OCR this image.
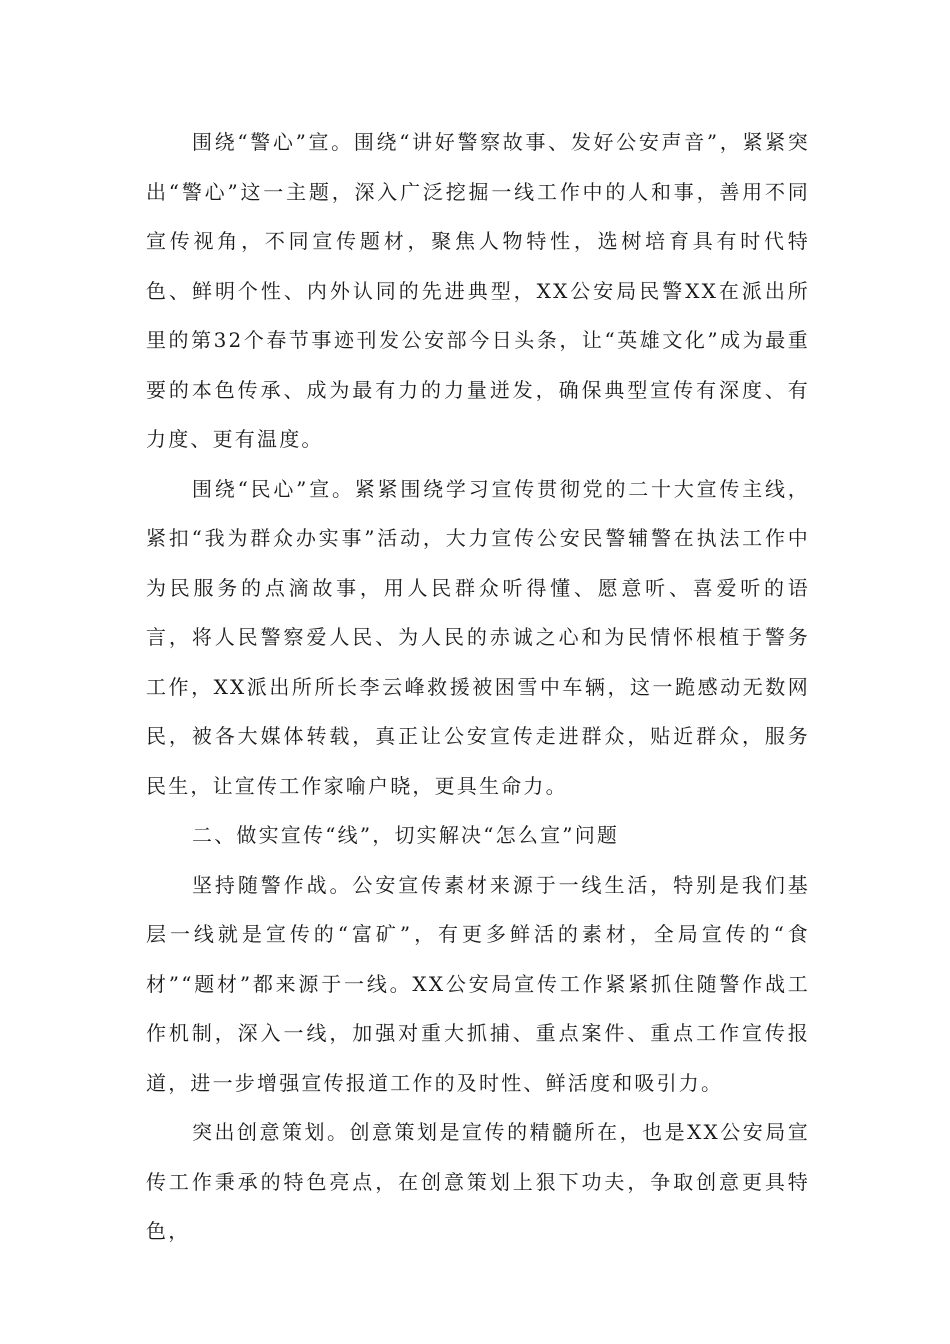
围绕“警心”宣。围绕“讲好警察故事、发好公安声音”，紧紧突出“警心”这一主题，深入广泛挖掘一线工作中的人和事，善用不同宣传视角，不同宣传题材，聚焦人物特性，选树培育具有时代特色、鲜明个性、内外认同的先进典型，XX公安局民警XX在派出所里的第32个春节事迹刊发公安部今日头条，让“英雄文化”成为最重要的本色传承、成为最有力的力量迸发，确保典型宣传有深度、有力度、更有温度。

围绕“民心”宣。紧紧围绕学习宣传贯彻党的二十大宣传主线，紧扣“我为群众办实事”活动，大力宣传公安民警辅警在执法工作中为民服务的点滴故事，用人民群众听得懂、愿意听、喜爱听的语言，将人民警察爱人民、为人民的赤诚之心和为民情怀根植于警务工作，XX派出所所长李云峰救援被困雪中车辆，这一跪感动无数网民，被各大媒体转载，真正让公安宣传走进群众，贴近群众，服务民生，让宣传工作家喻户晓，更具生命力。

二、做实宣传“线”，切实解决“怎么宣”问题

坚持随警作战。公安宣传素材来源于一线生活，特别是我们基层一线就是宣传的“富矿”，有更多鲜活的素材，全局宣传的“食材”“题材”都来源于一线。XX公安局宣传工作紧紧抓住随警作战工作机制，深入一线，加强对重大抓捕、重点案件、重点工作宣传报道，进一步增强宣传报道工作的及时性、鲜活度和吸引力。

突出创意策划。创意策划是宣传的精髓所在，也是XX公安局宣传工作秉承的特色亮点，在创意策划上狠下功夫，争取创意更具特色，
